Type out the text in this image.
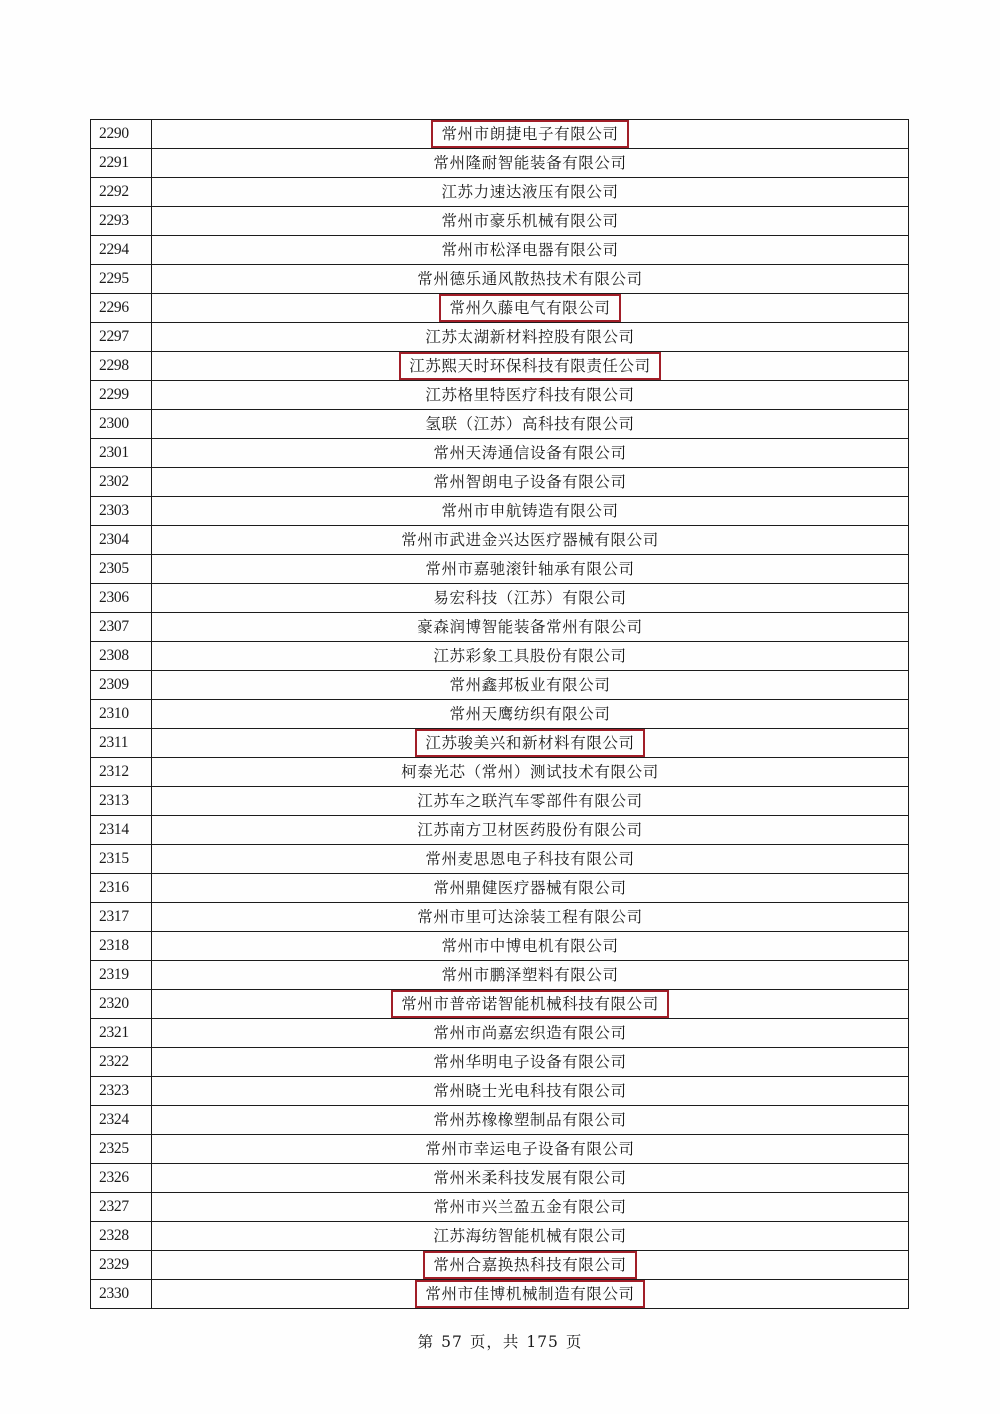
2290	常州市朗捷电子有限公司
2291	常州隆耐智能装备有限公司
2292	江苏力速达液压有限公司
2293	常州市豪乐机械有限公司
2294	常州市松泽电器有限公司
2295	常州德乐通风散热技术有限公司
2296	常州久藤电气有限公司
2297	江苏太湖新材料控股有限公司
2298	江苏熙天时环保科技有限责任公司
2299	江苏格里特医疗科技有限公司
2300	氢联（江苏）高科技有限公司
2301	常州天涛通信设备有限公司
2302	常州智朗电子设备有限公司
2303	常州市申航铸造有限公司
2304	常州市武进金兴达医疗器械有限公司
2305	常州市嘉驰滚针轴承有限公司
2306	易宏科技（江苏）有限公司
2307	豪森润博智能装备常州有限公司
2308	江苏彩象工具股份有限公司
2309	常州鑫邦板业有限公司
2310	常州天鹰纺织有限公司
2311	江苏骏美兴和新材料有限公司
2312	柯泰光芯（常州）测试技术有限公司
2313	江苏车之联汽车零部件有限公司
2314	江苏南方卫材医药股份有限公司
2315	常州麦思恩电子科技有限公司
2316	常州鼎健医疗器械有限公司
2317	常州市里可达涂装工程有限公司
2318	常州市中博电机有限公司
2319	常州市鹏泽塑料有限公司
2320	常州市普帝诺智能机械科技有限公司
2321	常州市尚嘉宏织造有限公司
2322	常州华明电子设备有限公司
2323	常州晓士光电科技有限公司
2324	常州苏橡橡塑制品有限公司
2325	常州市幸运电子设备有限公司
2326	常州米柔科技发展有限公司
2327	常州市兴兰盈五金有限公司
2328	江苏海纺智能机械有限公司
2329	常州合嘉换热科技有限公司
2330	常州市佳博机械制造有限公司
第 57 页，共 175 页
